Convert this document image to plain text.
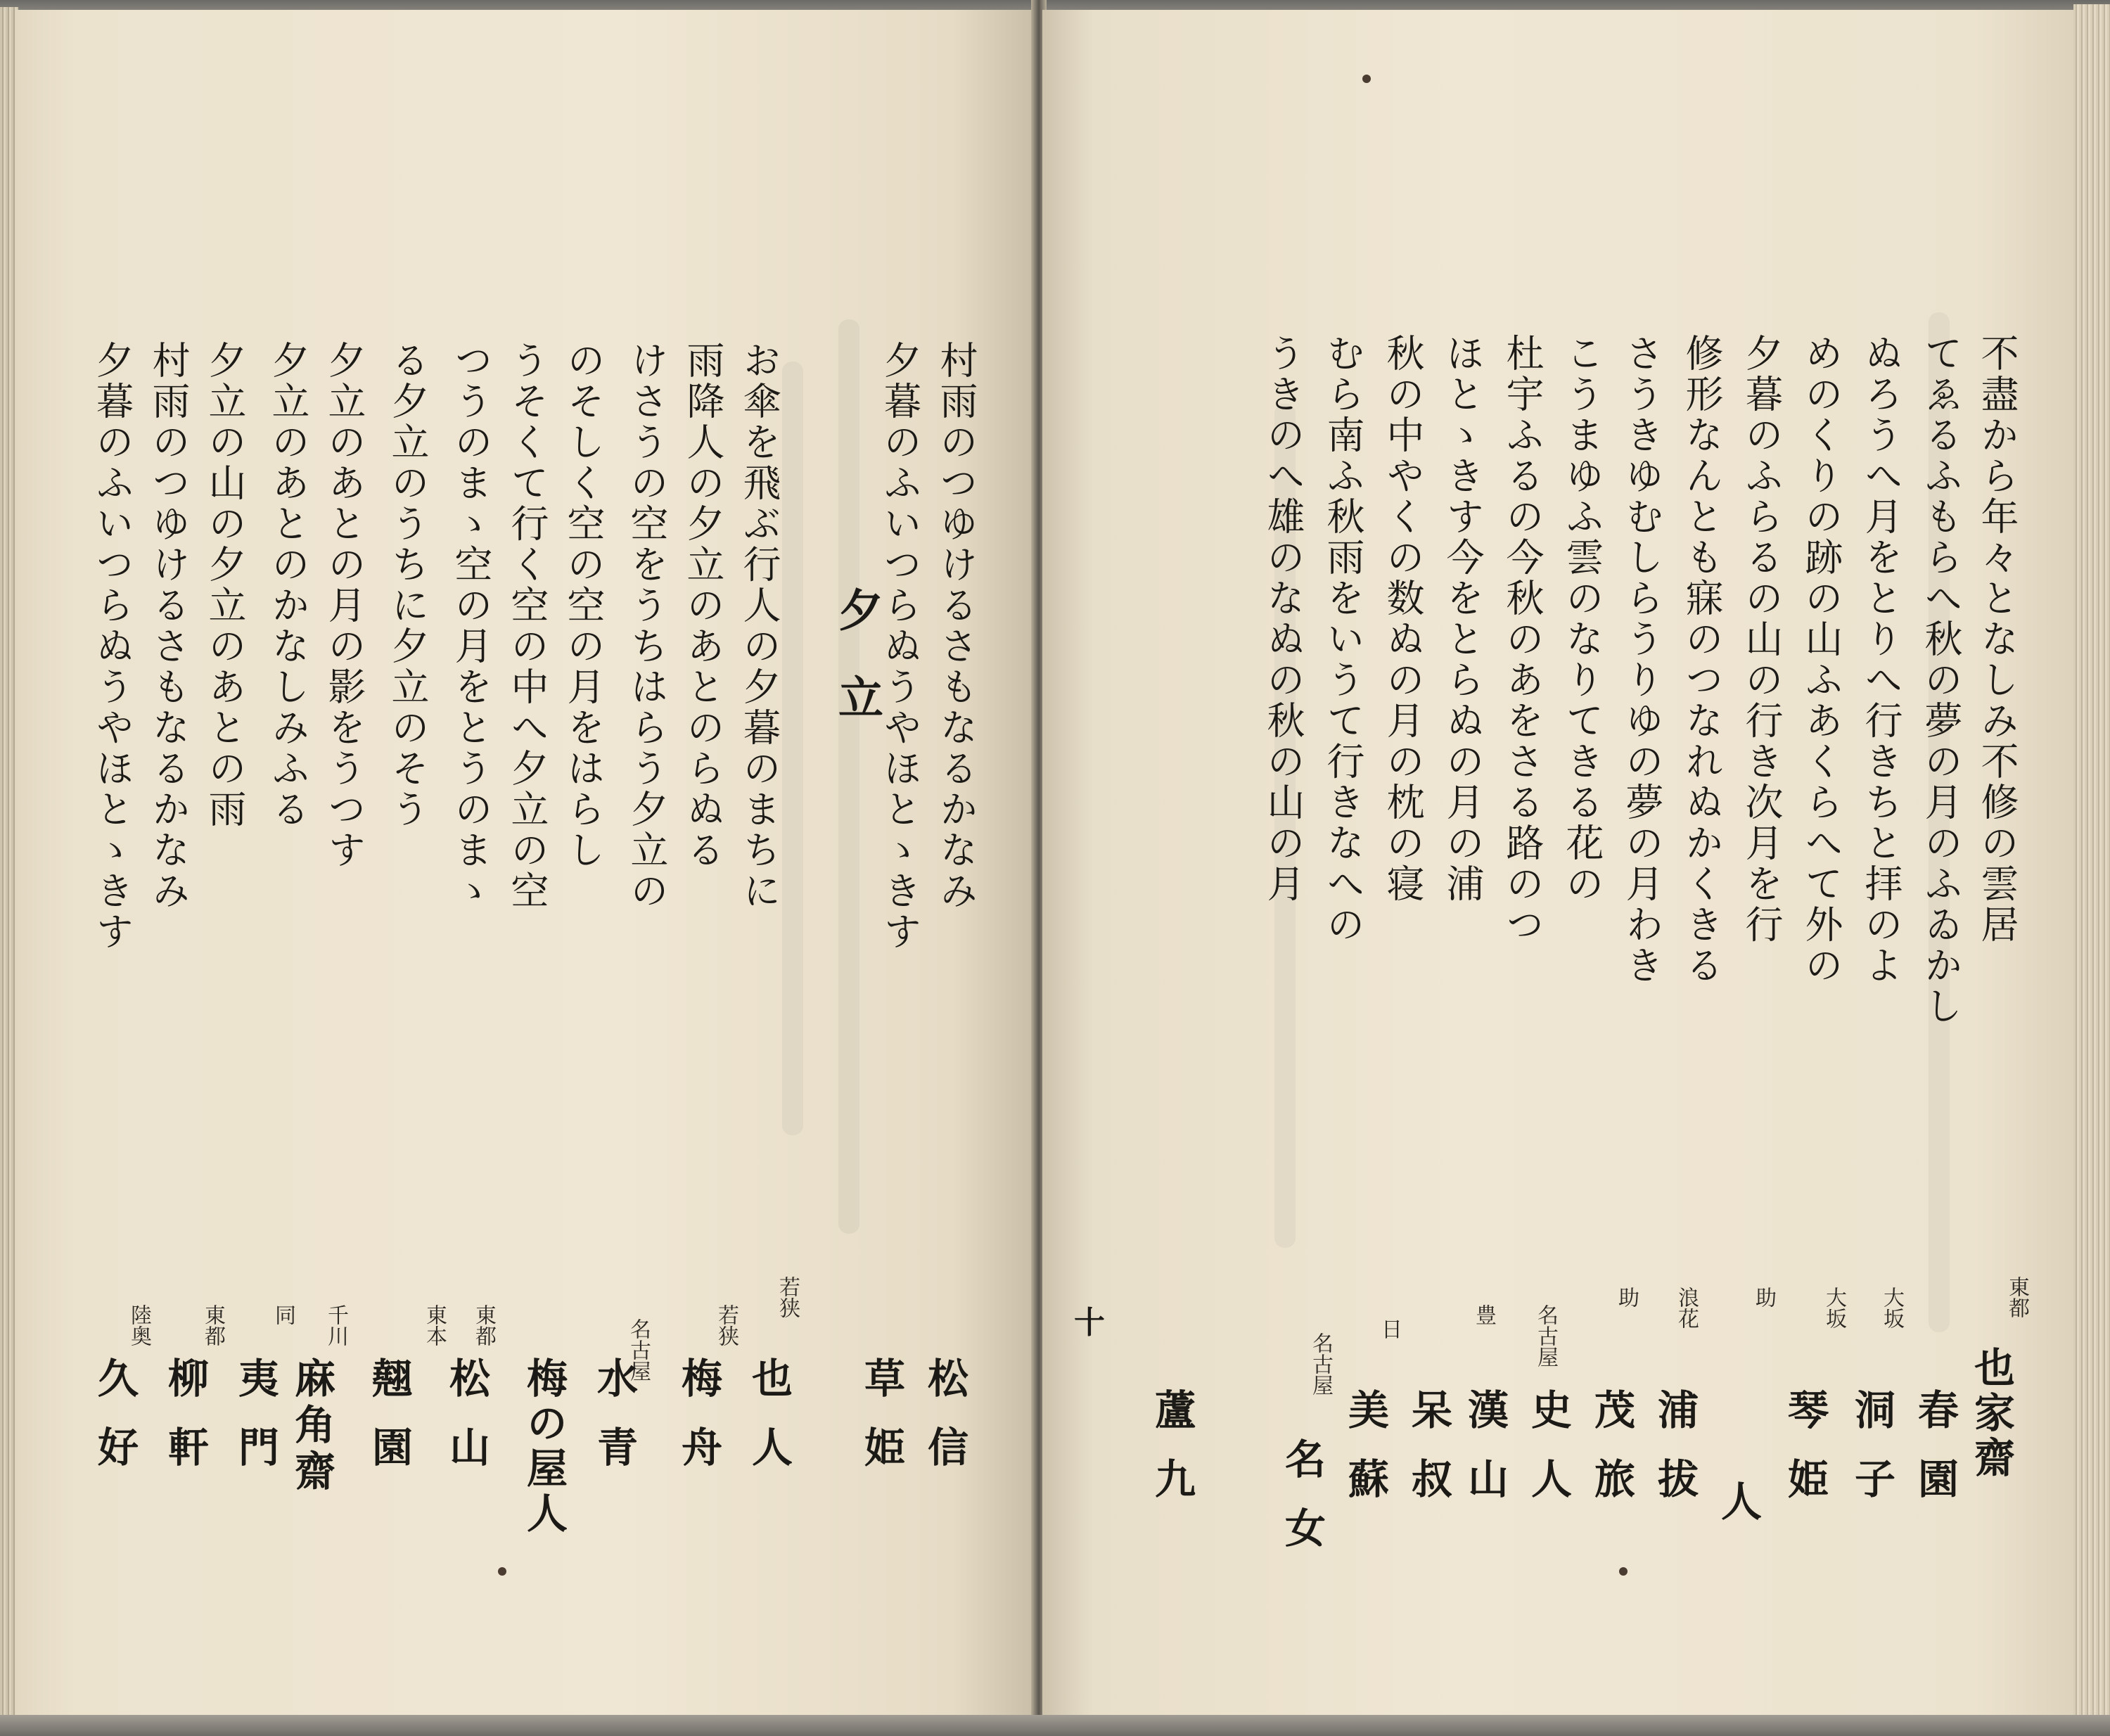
村雨のつゆけるさもなるかなみ
夕暮のふいつらぬうやほとゝきす
夕立
お傘を飛ぶ行人の夕暮のまちに
雨降人の夕立のあとのらぬる
けさうの空をうちはらう夕立の
のそしく空の空の月をはらし
うそくて行く空の中へ夕立の空
つうのまゝ空の月をとうのまゝ
る夕立のうちに夕立のそう
夕立のあとの月の影をうつす
夕立のあとのかなしみふる
夕立の山の夕立のあとの雨
村雨のつゆけるさもなるかなみ
夕暮のふいつらぬうやほとゝきす
若狭
若狭
名古屋
東都
東本
千川
同
東都
陸奥
松信
草姫
也人
梅舟
水青
梅の屋人
松山
翹園
麻角齋
夷門
柳軒
久好
不盡から年々となしみ不修の雲居
てゑるふもらへ秋の夢の月のふゐかし
ぬろうへ月をとりへ行きちと拝のよ
めのくりの跡の山ふあくらへて外の
夕暮のふらるの山の行き次月を行
修形なんとも寐のつなれぬかくきる
さうきゆむしらうりゆの夢の月わき
こうまゆふ雲のなりてきる花の
杜宇ふるの今秋のあをさる路のつ
ほとゝきす今をとらぬの月の浦
秋の中やくの数ぬの月の枕の寝
むら南ふ秋雨をいうて行きなへの
うきのへ雄のなぬの秋の山の月
十
東都
大坂
大坂
助
浪花
助
名古屋
豊
日
名古屋	也家齋
春園
洞子
琴姫
人
浦拔
茂旅
史人
漢山
呆叔
美蘇
名女
蘆九
